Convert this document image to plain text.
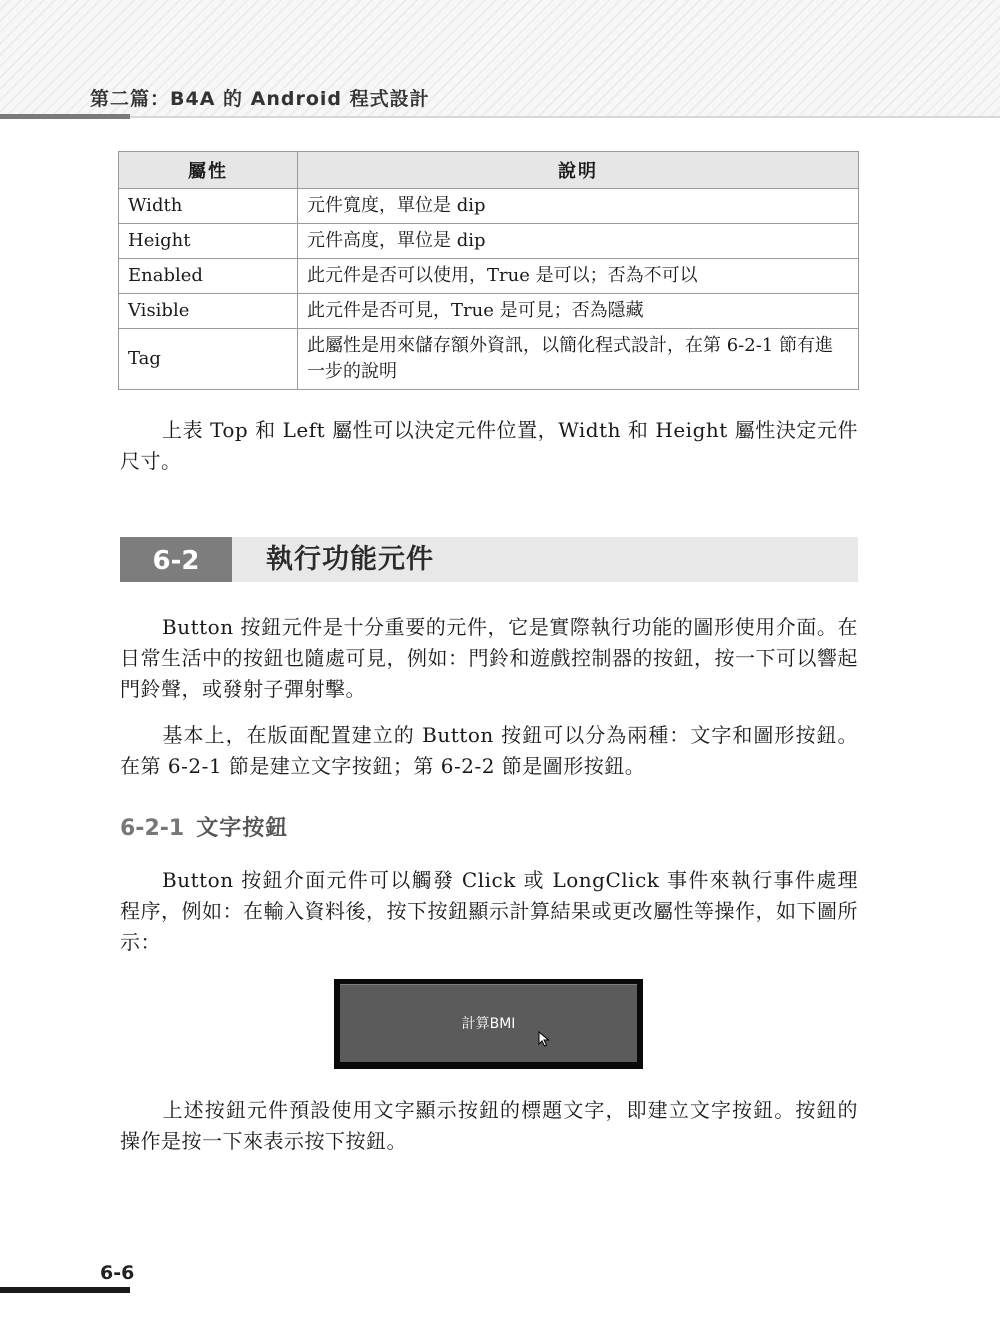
第二篇：B4A 的 Android 程式設計
屬性	說明
Width	元件寬度，單位是 dip
Height	元件高度，單位是 dip
Enabled	此元件是否可以使用，True 是可以；否為不可以
Visible	此元件是否可見，True 是可見；否為隱藏
Tag	此屬性是用來儲存額外資訊，以簡化程式設計，在第 6-2-1 節有進一步的說明
上表 Top 和 Left 屬性可以決定元件位置，Width 和 Height 屬性決定元件尺寸。
6-2	執行功能元件
Button 按鈕元件是十分重要的元件，它是實際執行功能的圖形使用介面。在日常生活中的按鈕也隨處可見，例如：門鈴和遊戲控制器的按鈕，按一下可以響起門鈴聲，或發射子彈射擊。
基本上，在版面配置建立的 Button 按鈕可以分為兩種：文字和圖形按鈕。在第 6-2-1 節是建立文字按鈕；第 6-2-2 節是圖形按鈕。
6-2-1 文字按鈕
Button 按鈕介面元件可以觸發 Click 或 LongClick 事件來執行事件處理程序，例如：在輸入資料後，按下按鈕顯示計算結果或更改屬性等操作，如下圖所示：
計算BMI
上述按鈕元件預設使用文字顯示按鈕的標題文字，即建立文字按鈕。按鈕的操作是按一下來表示按下按鈕。
6-6
